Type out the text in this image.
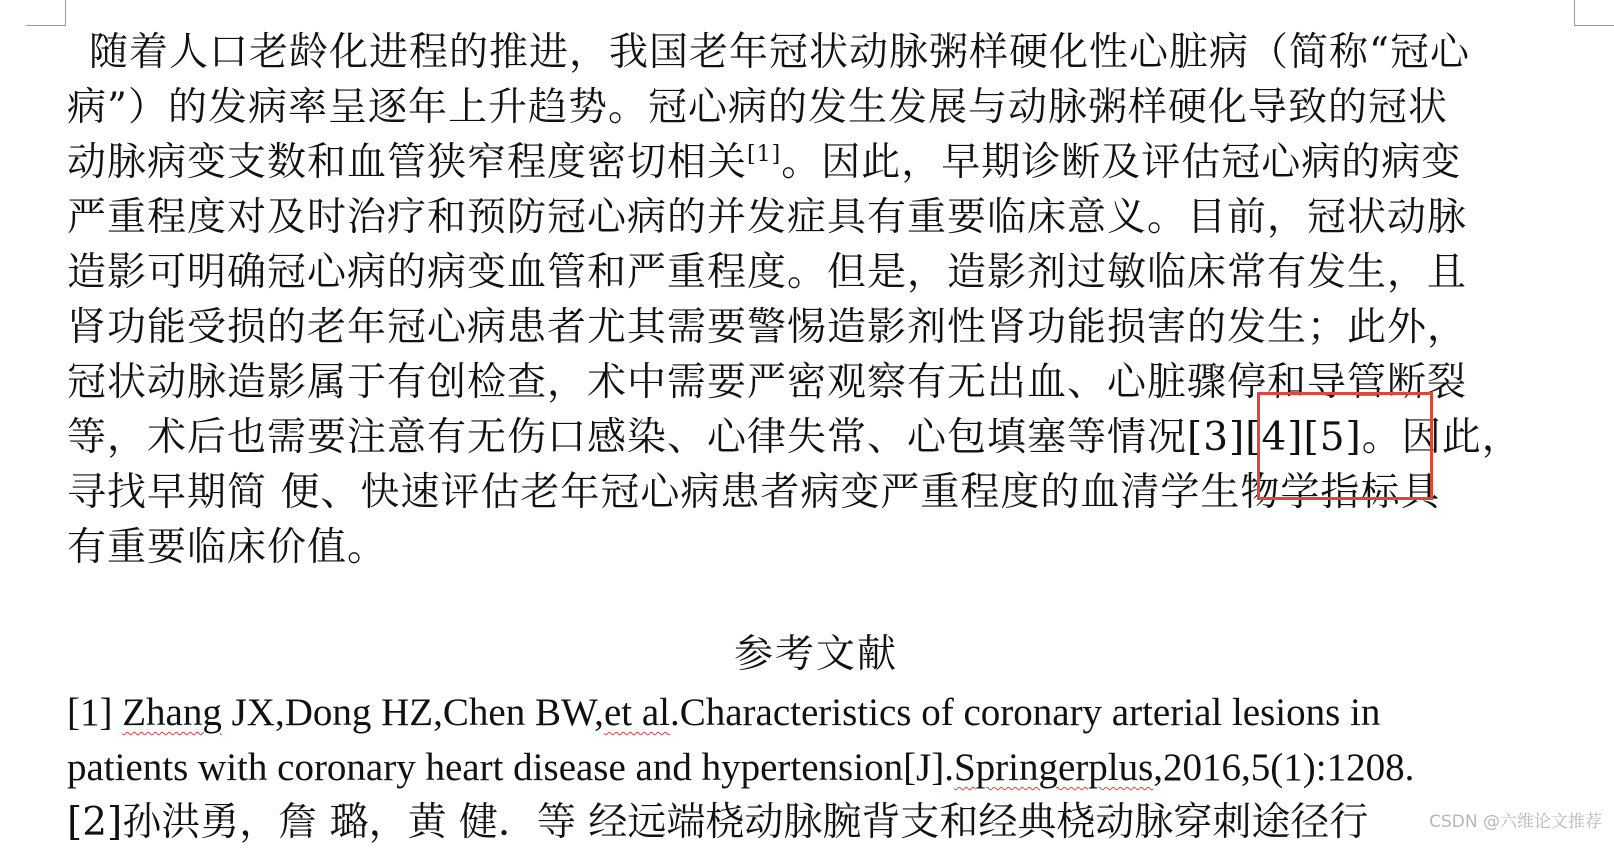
随着人口老龄化进程的推进，我国老年冠状动脉粥样硬化性心脏病（简称“冠心
病”）的发病率呈逐年上升趋势。冠心病的发生发展与动脉粥样硬化导致的冠状
动脉病变支数和血管狭窄程度密切相关[1]。因此，早期诊断及评估冠心病的病变
严重程度对及时治疗和预防冠心病的并发症具有重要临床意义。目前，冠状动脉
造影可明确冠心病的病变血管和严重程度。但是，造影剂过敏临床常有发生，且
肾功能受损的老年冠心病患者尤其需要警惕造影剂性肾功能损害的发生；此外，
冠状动脉造影属于有创检查，术中需要严密观察有无出血、心脏骤停和导管断裂
等，术后也需要注意有无伤口感染、心律失常、心包填塞等情况[3][4][5]。因此，
寻找早期简 便、快速评估老年冠心病患者病变严重程度的血清学生物学指标具
有重要临床价值。
参考文献
[1] Zhang JX,Dong HZ,Chen BW,et al.Characteristics of coronary arterial lesions in
patients with coronary heart disease and hypertension[J].Springerplus,2016,5(1):1208.
[2]孙洪勇，詹 璐，黄 健．等 经远端桡动脉腕背支和经典桡动脉穿刺途径行	CSDN @六维论文推荐
